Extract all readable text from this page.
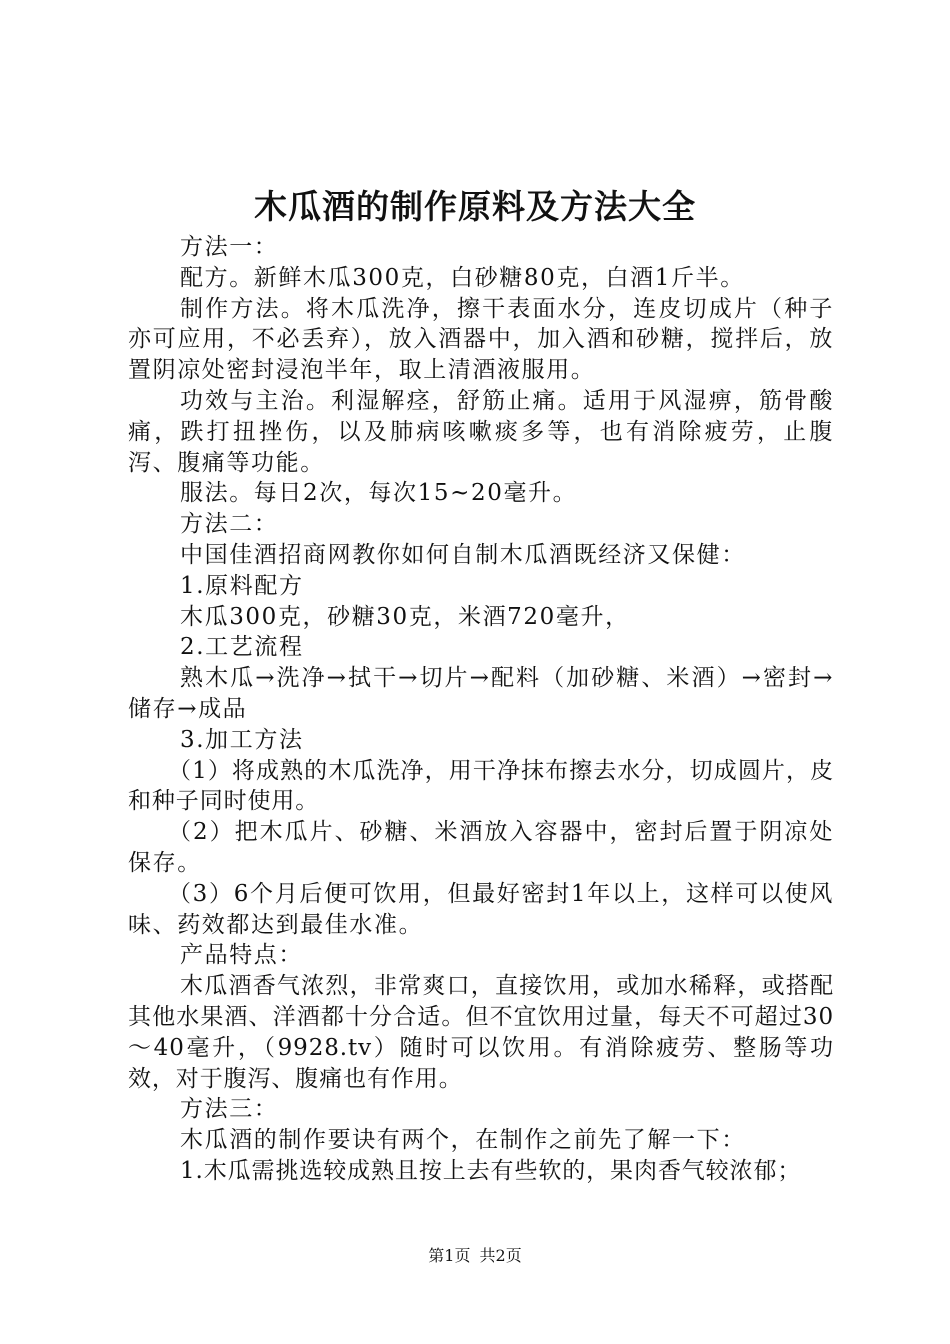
木瓜酒的制作原料及方法大全

方法一：

配方。新鲜木瓜300克，白砂糖80克，白酒1斤半。

制作方法。将木瓜洗净，擦干表面水分，连皮切成片（种子亦可应用，不必丢弃），放入酒器中，加入酒和砂糖，搅拌后，放置阴凉处密封浸泡半年，取上清酒液服用。

功效与主治。利湿解痉，舒筋止痛。适用于风湿痹，筋骨酸痛，跌打扭挫伤，以及肺病咳嗽痰多等，也有消除疲劳，止腹泻、腹痛等功能。

服法。每日2次，每次15~20毫升。

方法二：

中国佳酒招商网教你如何自制木瓜酒既经济又保健：

1.原料配方

木瓜300克，砂糖30克，米酒720毫升，

2.工艺流程

熟木瓜→洗净→拭干→切片→配料（加砂糖、米酒）→密封→储存→成品

3.加工方法

（1）将成熟的木瓜洗净，用干净抹布擦去水分，切成圆片，皮和种子同时使用。

（2）把木瓜片、砂糖、米酒放入容器中，密封后置于阴凉处保存。

（3）6个月后便可饮用，但最好密封1年以上，这样可以使风味、药效都达到最佳水准。

产品特点：

木瓜酒香气浓烈，非常爽口，直接饮用，或加水稀释，或搭配其他水果酒、洋酒都十分合适。但不宜饮用过量，每天不可超过30～40毫升，（9928.tv）随时可以饮用。有消除疲劳、整肠等功效，对于腹泻、腹痛也有作用。

方法三：

木瓜酒的制作要诀有两个，在制作之前先了解一下：

1.木瓜需挑选较成熟且按上去有些软的，果肉香气较浓郁；

第1页 共2页
